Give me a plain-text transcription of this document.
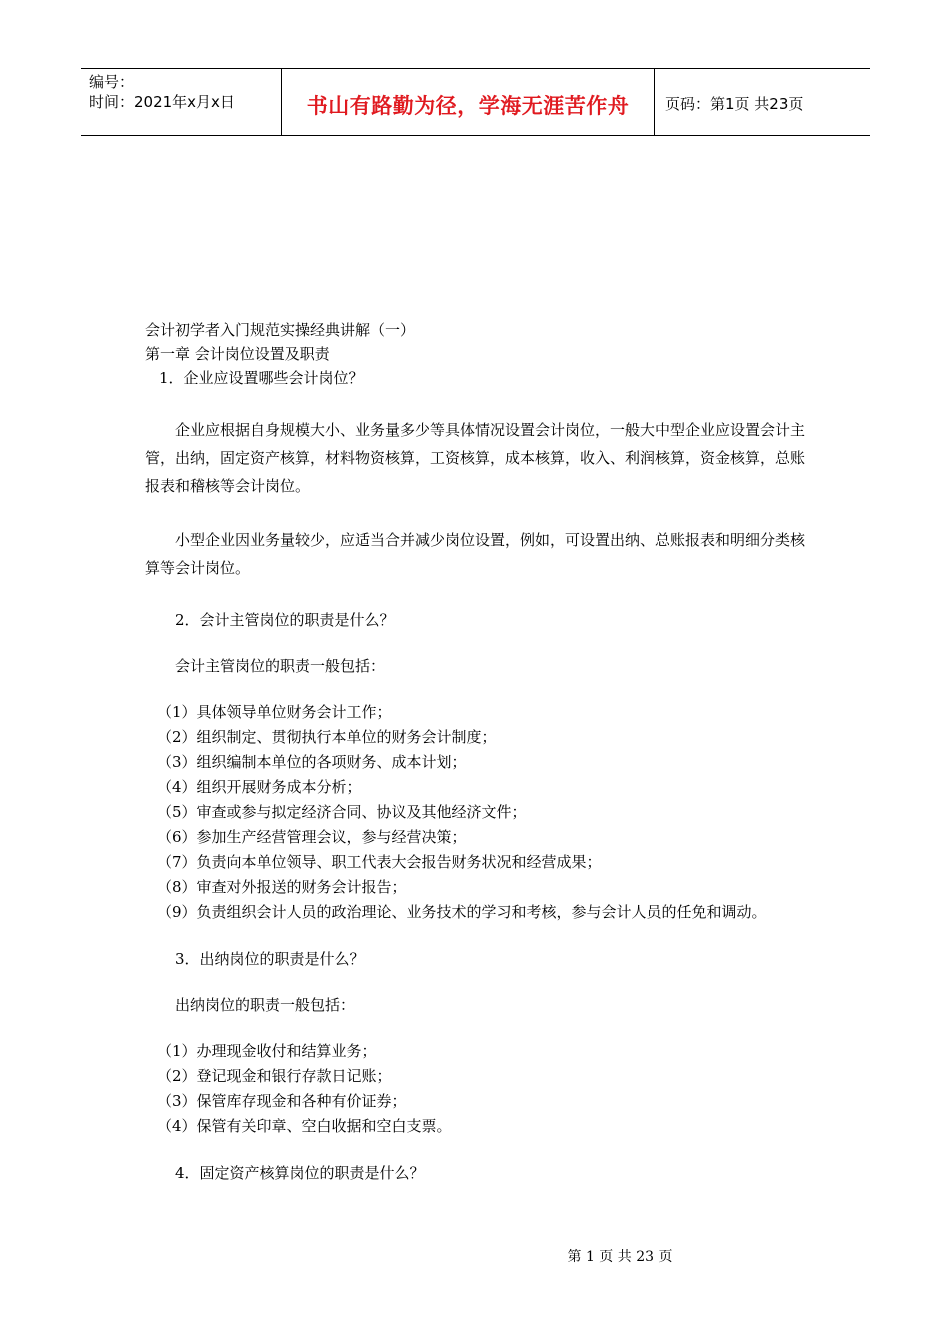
编号：
时间：2021年x月x日	书山有路勤为径，学海无涯苦作舟 页码：第1页 共23页
会计初学者入门规范实操经典讲解（一）
第一章 会计岗位设置及职责
1．企业应设置哪些会计岗位？
企业应根据自身规模大小、业务量多少等具体情况设置会计岗位，一般大中型企业应设置会计主管，出纳，固定资产核算，材料物资核算，工资核算，成本核算，收入、利润核算，资金核算，总账报表和稽核等会计岗位。
小型企业因业务量较少，应适当合并减少岗位设置，例如，可设置出纳、总账报表和明细分类核算等会计岗位。
2．会计主管岗位的职责是什么？
会计主管岗位的职责一般包括：
（1）具体领导单位财务会计工作；
（2）组织制定、贯彻执行本单位的财务会计制度；
（3）组织编制本单位的各项财务、成本计划；
（4）组织开展财务成本分析；
（5）审查或参与拟定经济合同、协议及其他经济文件；
（6）参加生产经营管理会议，参与经营决策；
（7）负责向本单位领导、职工代表大会报告财务状况和经营成果；
（8）审查对外报送的财务会计报告；
（9）负责组织会计人员的政治理论、业务技术的学习和考核，参与会计人员的任免和调动。
3．出纳岗位的职责是什么？
出纳岗位的职责一般包括：
（1）办理现金收付和结算业务；
（2）登记现金和银行存款日记账；
（3）保管库存现金和各种有价证券；
（4）保管有关印章、空白收据和空白支票。
4．固定资产核算岗位的职责是什么？
第 1 页 共 23 页
